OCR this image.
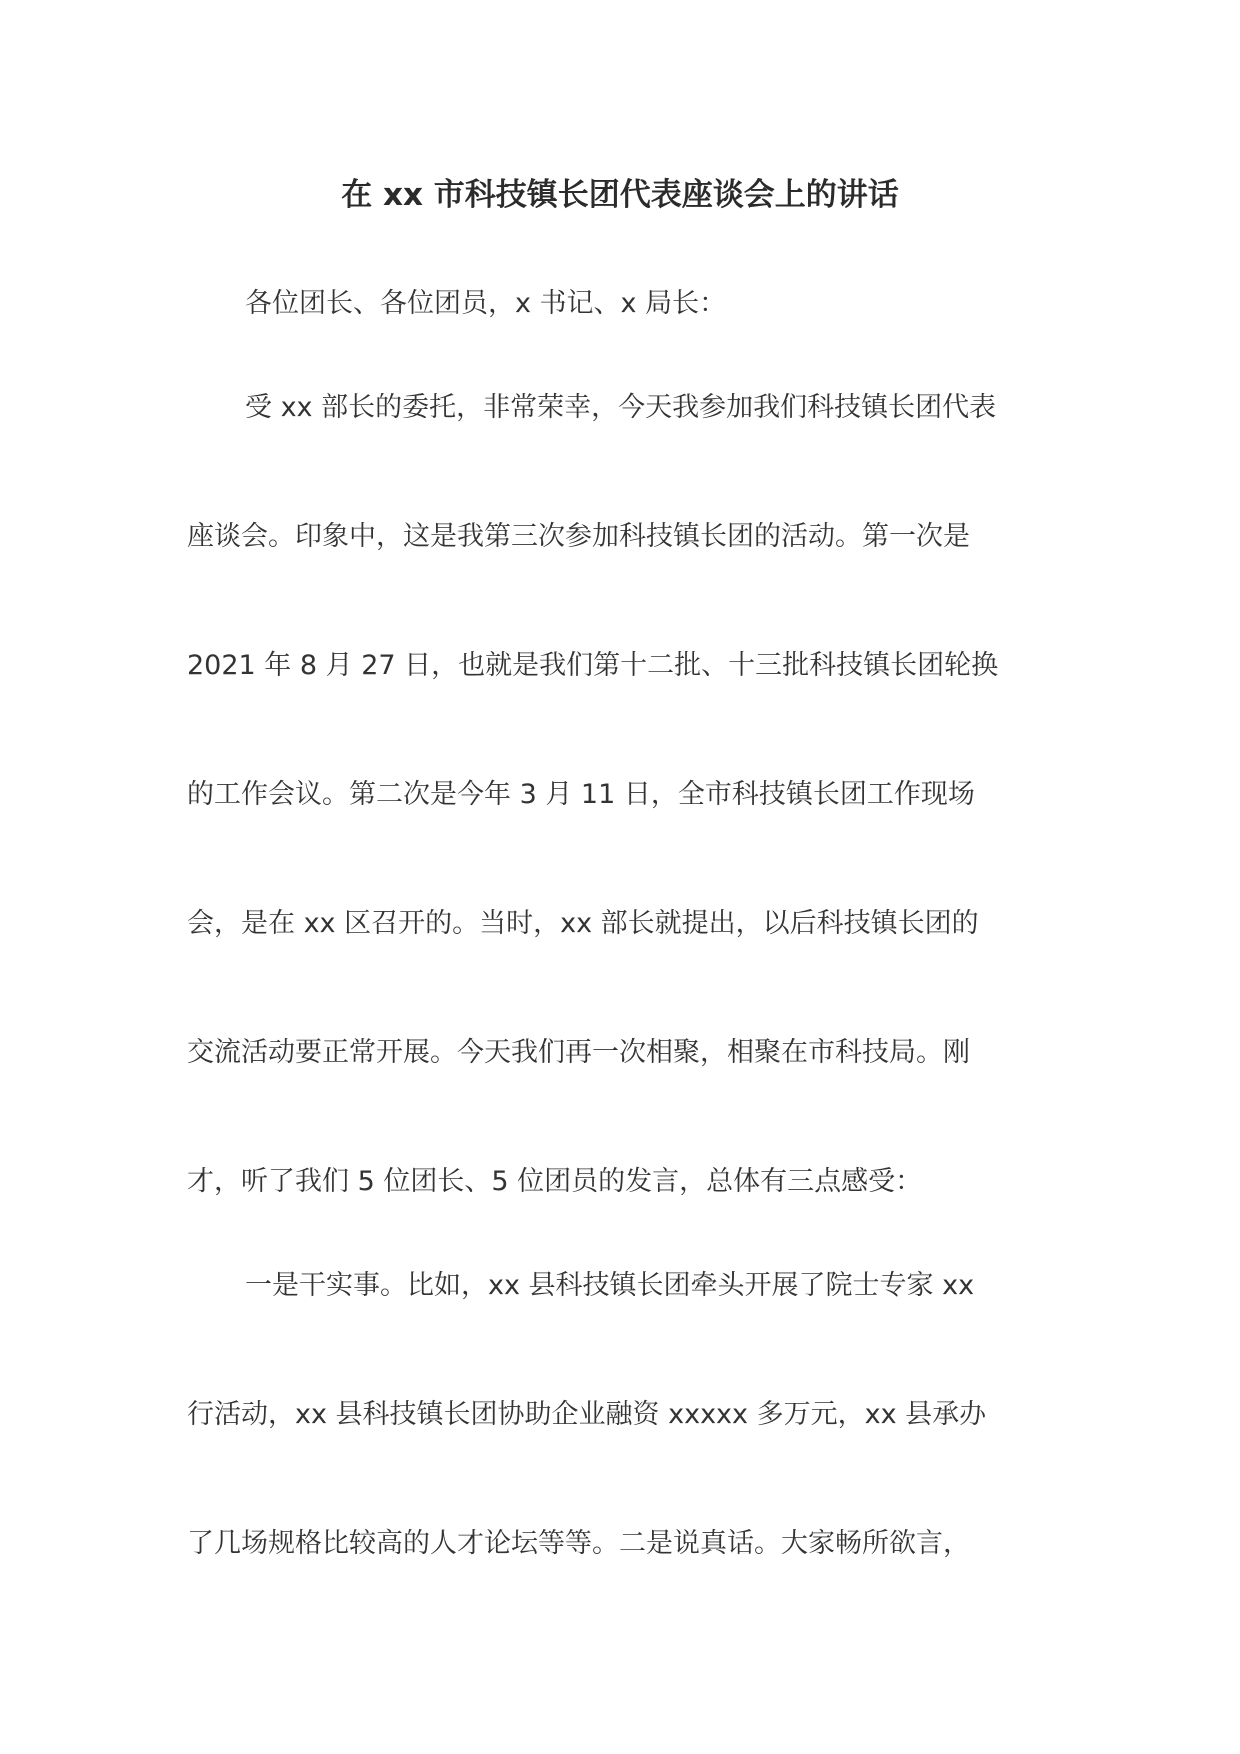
在 xx 市科技镇长团代表座谈会上的讲话
各位团长、各位团员，x 书记、x 局长：
受 xx 部长的委托，非常荣幸，今天我参加我们科技镇长团代表
座谈会。印象中，这是我第三次参加科技镇长团的活动。第一次是
2021 年 8 月 27 日，也就是我们第十二批、十三批科技镇长团轮换
的工作会议。第二次是今年 3 月 11 日，全市科技镇长团工作现场
会，是在 xx 区召开的。当时，xx 部长就提出，以后科技镇长团的
交流活动要正常开展。今天我们再一次相聚，相聚在市科技局。刚
才，听了我们 5 位团长、5 位团员的发言，总体有三点感受：
一是干实事。比如，xx 县科技镇长团牵头开展了院士专家 xx
行活动，xx 县科技镇长团协助企业融资 xxxxx 多万元，xx 县承办
了几场规格比较高的人才论坛等等。二是说真话。大家畅所欲言，
